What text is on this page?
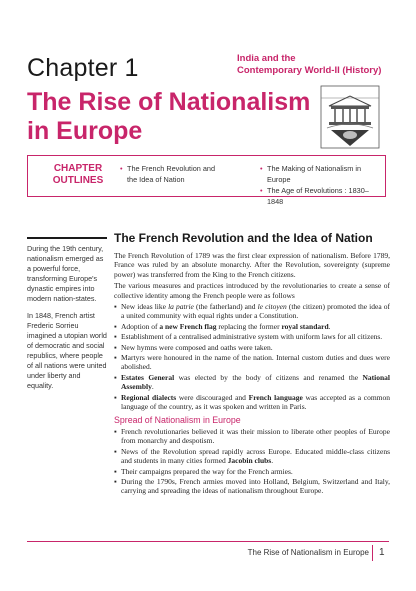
Chapter 1	India and the
Contemporary World-II (History)
The Rise of Nationalism
in Europe
CHAPTER
OUTLINES
• The French Revolution and
the Idea of Nation
• The Making of Nationalism in Europe
• The Age of Revolutions : 1830–1848

During the 19th century, nationalism emerged as a powerful force, transforming Europe's dynastic empires into modern nation-states.

In 1848, French artist Frederic Sorrieu imagined a utopian world of democratic and social republics, where people of all nations were united under liberty and equality.

The French Revolution and the Idea of Nation

The French Revolution of 1789 was the first clear expression of nationalism. Before 1789, France was ruled by an absolute monarchy. After the Revolution, sovereignty (supreme power) was transferred from the King to the French citizens.

The various measures and practices introduced by the revolutionaries to create a sense of collective identity among the French people were as follows

▪ New ideas like la patrie (the fatherland) and le citoyen (the citizen) promoted the idea of a united community with equal rights under a Constitution.
▪ Adoption of a new French flag replacing the former royal standard.
▪ Establishment of a centralised administrative system with uniform laws for all citizens.
▪ New hymns were composed and oaths were taken.
▪ Martyrs were honoured in the name of the nation. Internal custom duties and dues were abolished.
▪ Estates General was elected by the body of citizens and renamed the National Assembly.
▪ Regional dialects were discouraged and French language was accepted as a common language of the country, as it was spoken and written in Paris.
Spread of Nationalism in Europe
▪ French revolutionaries believed it was their mission to liberate other peoples of Europe from monarchy and despotism.
▪ News of the Revolution spread rapidly across Europe. Educated middle-class citizens and students in many cities formed Jacobin clubs.
▪ Their campaigns prepared the way for the French armies.
▪ During the 1790s, French armies moved into Holland, Belgium, Switzerland and Italy, carrying and spreading the ideas of nationalism throughout Europe.
The Rise of Nationalism in Europe 1
